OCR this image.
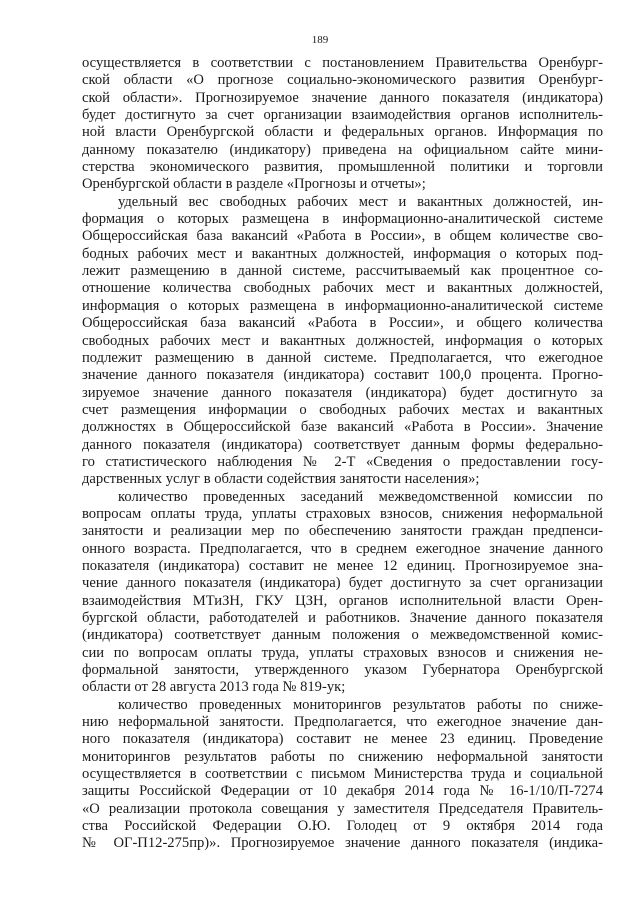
189
осуществляется в соответствии с постановлением Правительства Оренбург-
ской области «О прогнозе социально-экономического развития Оренбург-
ской области». Прогнозируемое значение данного показателя (индикатора)
будет достигнуто за счет организации взаимодействия органов исполнитель-
ной власти Оренбургской области и федеральных органов. Информация по
данному показателю (индикатору) приведена на официальном сайте мини-
стерства экономического развития, промышленной политики и торговли
Оренбургской области в разделе «Прогнозы и отчеты»;
удельный вес свободных рабочих мест и вакантных должностей, ин-
формация о которых размещена в информационно-аналитической системе
Общероссийская база вакансий «Работа в России», в общем количестве сво-
бодных рабочих мест и вакантных должностей, информация о которых под-
лежит размещению в данной системе, рассчитываемый как процентное со-
отношение количества свободных рабочих мест и вакантных должностей,
информация о которых размещена в информационно-аналитической системе
Общероссийская база вакансий «Работа в России», и общего количества
свободных рабочих мест и вакантных должностей, информация о которых
подлежит размещению в данной системе. Предполагается, что ежегодное
значение данного показателя (индикатора) составит 100,0 процента. Прогно-
зируемое значение данного показателя (индикатора) будет достигнуто за
счет размещения информации о свободных рабочих местах и вакантных
должностях в Общероссийской базе вакансий «Работа в России». Значение
данного показателя (индикатора) соответствует данным формы федерально-
го статистического наблюдения № 2-Т «Сведения о предоставлении госу-
дарственных услуг в области содействия занятости населения»;
количество проведенных заседаний межведомственной комиссии по
вопросам оплаты труда, уплаты страховых взносов, снижения неформальной
занятости и реализации мер по обеспечению занятости граждан предпенси-
онного возраста. Предполагается, что в среднем ежегодное значение данного
показателя (индикатора) составит не менее 12 единиц. Прогнозируемое зна-
чение данного показателя (индикатора) будет достигнуто за счет организации
взаимодействия МТиЗН, ГКУ ЦЗН, органов исполнительной власти Орен-
бургской области, работодателей и работников. Значение данного показателя
(индикатора) соответствует данным положения о межведомственной комис-
сии по вопросам оплаты труда, уплаты страховых взносов и снижения не-
формальной занятости, утвержденного указом Губернатора Оренбургской
области от 28 августа 2013 года № 819-ук;
количество проведенных мониторингов результатов работы по сниже-
нию неформальной занятости. Предполагается, что ежегодное значение дан-
ного показателя (индикатора) составит не менее 23 единиц. Проведение
мониторингов результатов работы по снижению неформальной занятости
осуществляется в соответствии с письмом Министерства труда и социальной
защиты Российской Федерации от 10 декабря 2014 года № 16-1/10/П-7274
«О реализации протокола совещания у заместителя Председателя Правитель-
ства Российской Федерации О.Ю. Голодец от 9 октября 2014 года
№ ОГ-П12-275пр)». Прогнозируемое значение данного показателя (индика-
